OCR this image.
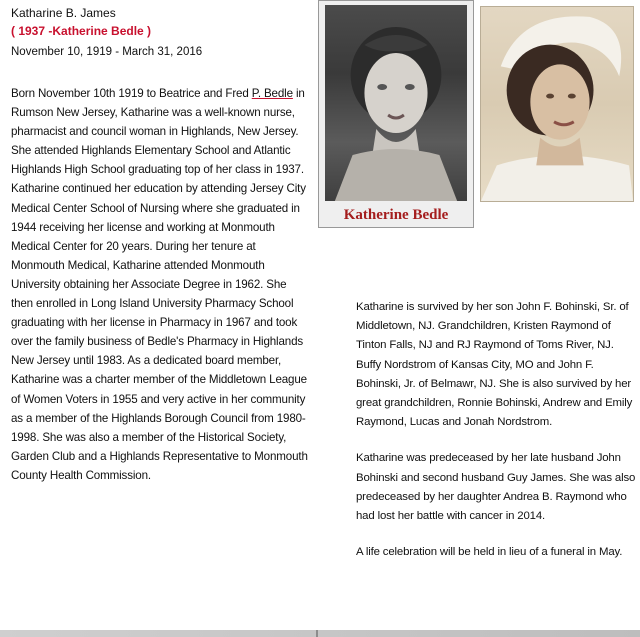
Katharine B. James
( 1937 -Katherine Bedle )
November 10, 1919 - March 31, 2016
Born November 10th 1919 to Beatrice and Fred P. Bedle in Rumson New Jersey, Katharine was a well-known nurse, pharmacist and council woman in Highlands, New Jersey. She attended Highlands Elementary School and Atlantic Highlands High School graduating top of her class in 1937. Katharine continued her education by attending Jersey City Medical Center School of Nursing where she graduated in 1944 receiving her license and working at Monmouth Medical Center for 20 years. During her tenure at Monmouth Medical, Katharine attended Monmouth University obtaining her Associate Degree in 1962. She then enrolled in Long Island University Pharmacy School graduating with her license in Pharmacy in 1967 and took over the family business of Bedle's Pharmacy in Highlands New Jersey until 1983. As a dedicated board member, Katharine was a charter member of the Middletown League of Women Voters in 1955 and very active in her community as a member of the Highlands Borough Council from 1980-1998. She was also a member of the Historical Society, Garden Club and a Highlands Representative to Monmouth County Health Commission.
Katherine Bedle

Katharine is survived by her son John F. Bohinski, Sr. of Middletown, NJ. Grandchildren, Kristen Raymond of Tinton Falls, NJ and RJ Raymond of Toms River, NJ. Buffy Nordstrom of Kansas City, MO and John F. Bohinski, Jr. of Belmawr, NJ. She is also survived by her great grandchildren, Ronnie Bohinski, Andrew and Emily Raymond, Lucas and Jonah Nordstrom.

Katharine was predeceased by her late husband John Bohinski and second husband Guy James. She was also predeceased by her daughter Andrea B. Raymond who had lost her battle with cancer in 2014.

A life celebration will be held in lieu of a funeral in May.
